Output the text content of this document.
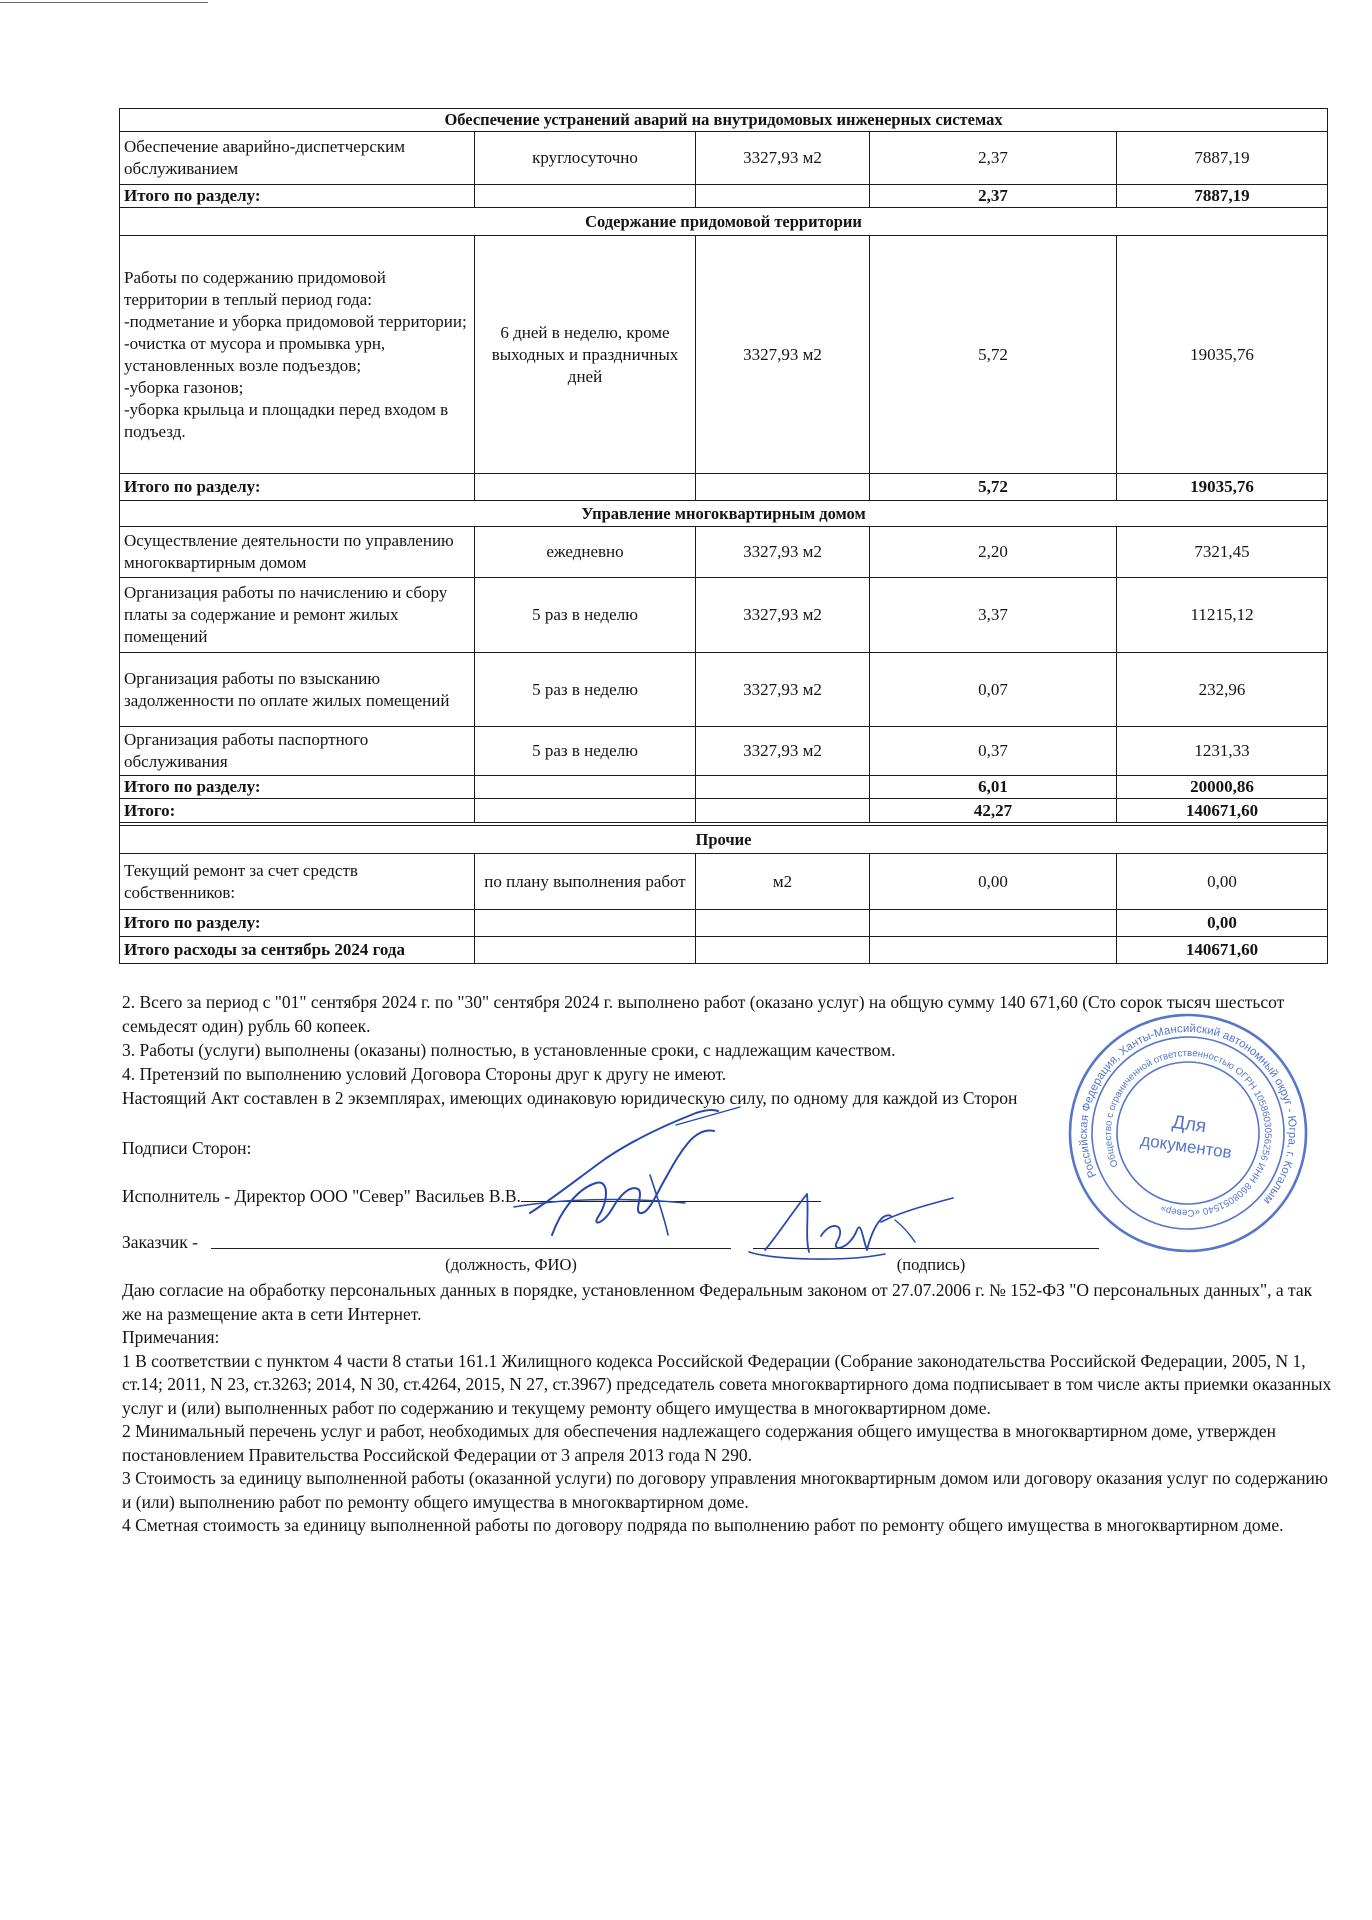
Обеспечение устранений аварий на внутридомовых инженерных системах				
Обеспечение аварийно-диспетчерским обслуживанием	круглосуточно	3327,93 м2	2,37	7887,19
Итого по разделу:			2,37	7887,19
Содержание придомовой территории				

Работы по содержанию придомовой территории в теплый период года:
-подметание и уборка придомовой территории;
-очистка от мусора и промывка урн, установленных возле подъездов;
-уборка газонов;
-уборка крыльца и площадки перед входом в подъезд.	6 дней в неделю, кроме выходных и праздничных дней	3327,93 м2	5,72	19035,76
Итого по разделу:			5,72	19035,76
Управление многоквартирным домом				
Осуществление деятельности по управлению многоквартирным домом	ежедневно	3327,93 м2	2,20	7321,45
Организация работы по начислению и сбору платы за содержание и ремонт жилых помещений	5 раз в неделю	3327,93 м2	3,37	11215,12
Организация работы по взысканию задолженности по оплате жилых помещений	5 раз в неделю	3327,93 м2	0,07	232,96
Организация работы паспортного обслуживания	5 раз в неделю	3327,93 м2	0,37	1231,33
Итого по разделу:			6,01	20000,86
Итого:			42,27	140671,60

Прочие				
Текущий ремонт за счет средств собственников:	по плану выполнения работ	м2	0,00	0,00
Итого по разделу:				0,00
Итого расходы за сентябрь 2024 года				140671,60

2. Всего за период с "01" сентября 2024 г. по "30" сентября 2024 г. выполнено работ (оказано услуг) на общую сумму 140 671,60 (Сто сорок тысяч шестьсот семьдесят один) рубль 60 копеек.

3. Работы (услуги) выполнены (оказаны) полностью, в установленные сроки, с надлежащим качеством.

4. Претензий по выполнению условий Договора Стороны друг к другу не имеют.

Настоящий Акт составлен в 2 экземплярах, имеющих одинаковую юридическую силу, по одному для каждой из Сторон

Подписи Сторон:

Исполнитель - Директор ООО "Север" Васильев В.В.

Заказчик -
(должность, ФИО)	(подпись)

Даю согласие на обработку персональных данных в порядке, установленном Федеральным законом от 27.07.2006 г. № 152-ФЗ "О персональных данных", а так же на размещение акта в сети Интернет.

Примечания:

1 В соответствии с пунктом 4 части 8 статьи 161.1 Жилищного кодекса Российской Федерации (Собрание законодательства Российской Федерации, 2005, N 1, ст.14; 2011, N 23, ст.3263; 2014, N 30, ст.4264, 2015, N 27, ст.3967) председатель совета многоквартирного дома подписывает в том числе акты приемки оказанных услуг и (или) выполненных работ по содержанию и текущему ремонту общего имущества в многоквартирном доме.

2 Минимальный перечень услуг и работ, необходимых для обеспечения надлежащего содержания общего имущества в многоквартирном доме, утвержден постановлением Правительства Российской Федерации от 3 апреля 2013 года N 290.

3 Стоимость за единицу выполненной работы (оказанной услуги) по договору управления многоквартирным домом или договору оказания услуг по содержанию и (или) выполнению работ по ремонту общего имущества в многоквартирном доме.

4 Сметная стоимость за единицу выполненной работы по договору подряда по выполнению работ по ремонту общего имущества в многоквартирном доме.

Российская Федерация, Ханты-Мансийский автономный округ - Югра, г. Когалым
Общество с ограниченной ответственностью ОГРН 1058603056256 ИНН 8608051540 «Север»
Для
документов
